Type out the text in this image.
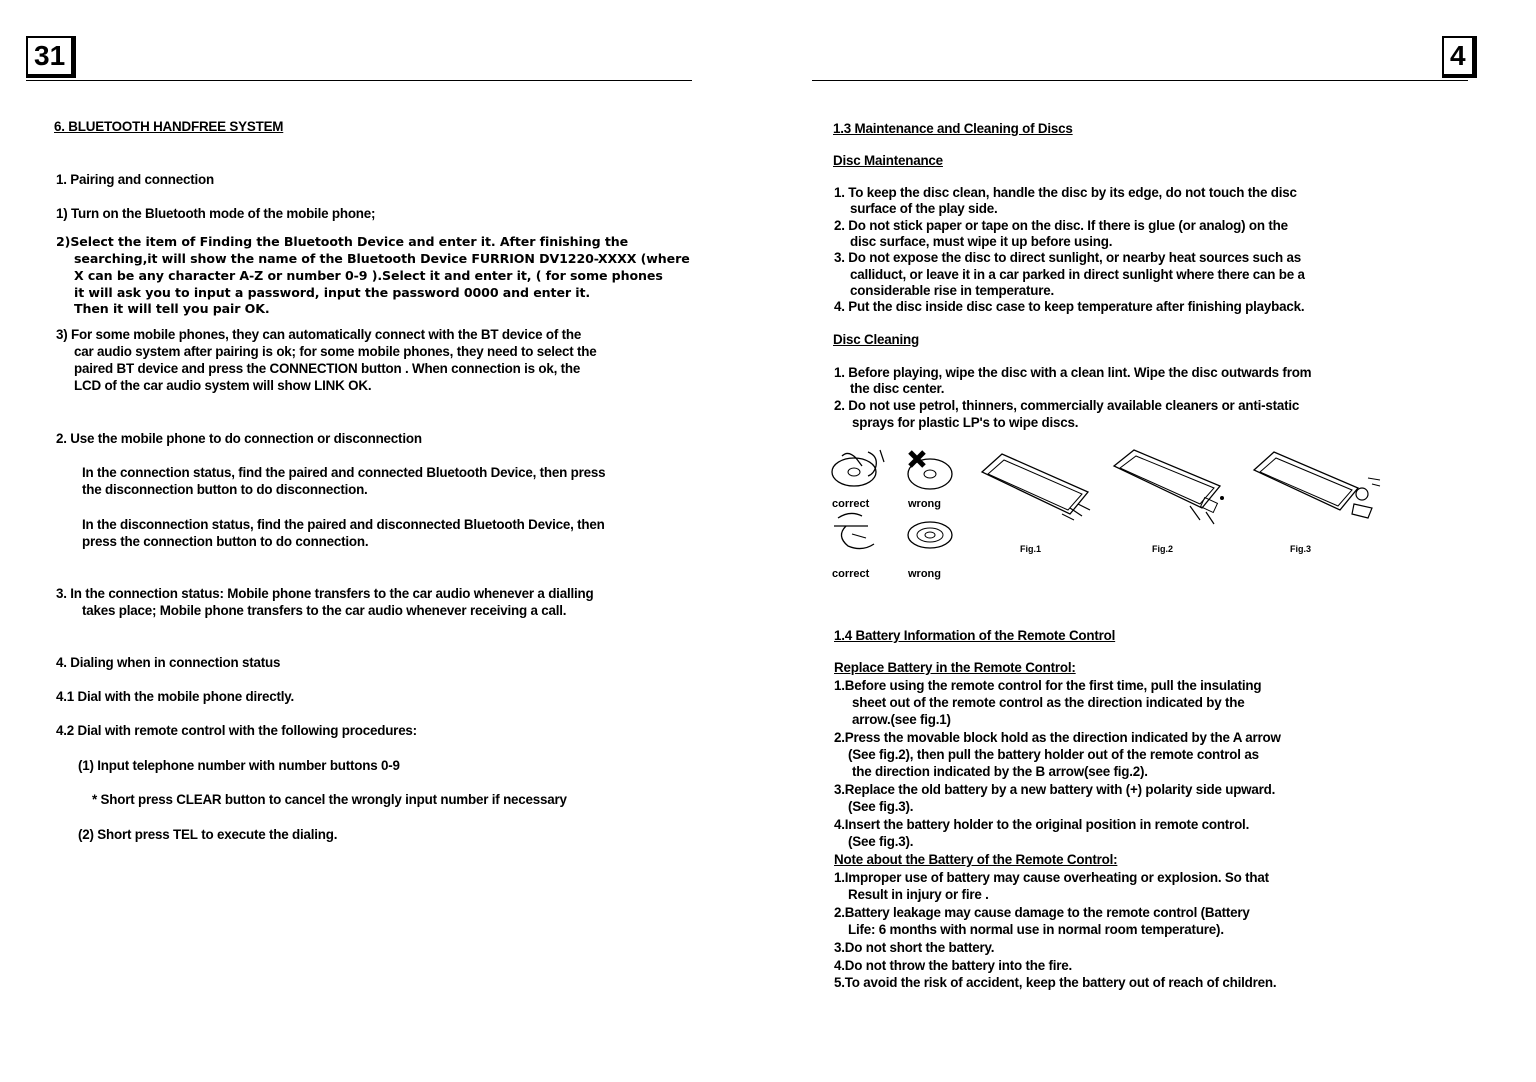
31
6. BLUETOOTH HANDFREE SYSTEM
1. Pairing and connection
1) Turn on the Bluetooth mode of the mobile phone;
2)Select the item of Finding the Bluetooth Device and enter it. After finishing the
searching,it will show the name of the Bluetooth Device FURRION DV1220-XXXX (where
X can be any character A-Z or number 0-9 ).Select it and enter it, ( for some phones
it will ask you to input a password, input the password 0000 and enter it.
Then it will tell you pair OK.
3) For some mobile phones, they can automatically connect with the BT device of the
car audio system after pairing is ok; for some mobile phones, they need to select the
paired BT device and press the CONNECTION button . When connection is ok, the
LCD of the car audio system will show LINK OK.
2. Use the mobile phone to do connection or disconnection
In the connection status, find the paired and connected Bluetooth Device, then press
the disconnection button to do disconnection.
In the disconnection status, find the paired and disconnected Bluetooth Device, then
press the connection button to do connection.
3. In the connection status: Mobile phone transfers to the car audio whenever a dialling
takes place; Mobile phone transfers to the car audio whenever receiving a call.
4. Dialing when in connection status
4.1 Dial with the mobile phone directly.
4.2 Dial with remote control with the following procedures:
(1) Input telephone number with number buttons 0-9
* Short press CLEAR button to cancel the wrongly input number if necessary
(2) Short press TEL to execute the dialing.
4
1.3 Maintenance and Cleaning of Discs
Disc Maintenance
1. To keep the disc clean, handle the disc by its edge, do not touch the disc
surface of the play side.
2. Do not stick paper or tape on the disc. If there is glue (or analog) on the
disc surface, must wipe it up before using.
3. Do not expose the disc to direct sunlight, or nearby heat sources such as
calliduct, or leave it in a car parked in direct sunlight where there can be a
considerable rise in temperature.
4. Put the disc inside disc case to keep temperature after finishing playback.
Disc Cleaning
1. Before playing, wipe the disc with a clean lint. Wipe the disc outwards from
the disc center.
2. Do not use petrol, thinners, commercially available cleaners or anti-static
sprays for plastic LP's to wipe discs.
correct	wrong
correct	wrong
Fig.1	Fig.2	Fig.3
1.4 Battery Information of the Remote Control
Replace Battery in the Remote Control:
1.Before using the remote control for the first time, pull the insulating
sheet out of the remote control as the direction indicated by the
arrow.(see fig.1)
2.Press the movable block hold as the direction indicated by the A arrow
(See fig.2), then pull the battery holder out of the remote control as
the direction indicated by the B arrow(see fig.2).
3.Replace the old battery by a new battery with (+) polarity side upward.
(See fig.3).
4.Insert the battery holder to the original position in remote control.
(See fig.3).
Note about the Battery of the Remote Control:
1.Improper use of battery may cause overheating or explosion. So that
Result in injury or fire .
2.Battery leakage may cause damage to the remote control (Battery
Life: 6 months with normal use in normal room temperature).
3.Do not short the battery.
4.Do not throw the battery into the fire.
5.To avoid the risk of accident, keep the battery out of reach of children.
